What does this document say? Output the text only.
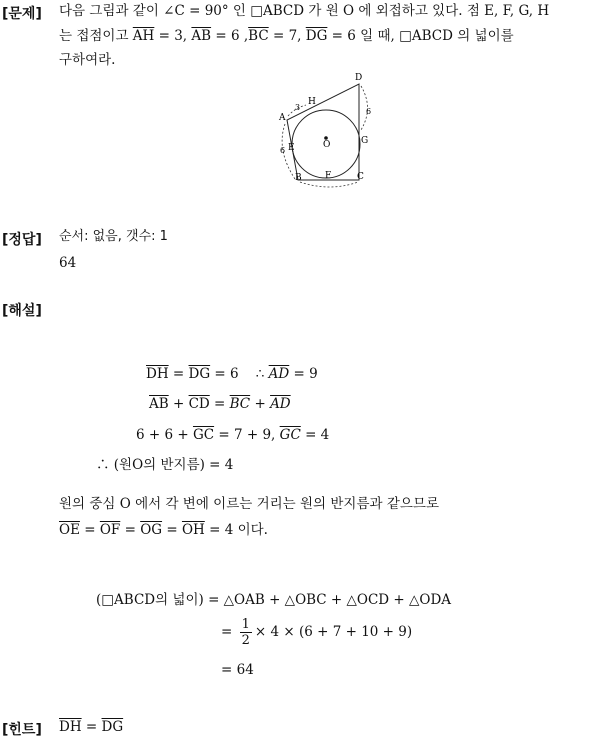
[문제] 다음 그림과 같이 ∠C = 90° 인 □ABCD 가 원 O 에 외접하고 있다. 점 E, F, G, H
는 접점이고 $\overline{AH} = 3$, $\overline{AB} = 6$ $,\overline{BC} = 7$, $\overline{DG} = 6$ 일 때, □ABCD 의 넓이를
구하여라.
D
H
3
A
6
O	G
E
6
B	F	C
[정답] 순서: 없음, 갯수: 1
64
[해설]
$\overline{DH} = \overline{DG} = 6$ ∴ $\overline{AD} = 9$
$\overline{AB} + \overline{CD} = \overline{BC} + \overline{AD}$
$6 + 6 + \overline{GC} = 7 + 9$, $\overline{GC} = 4$
∴ (원O의 반지름) = 4
원의 중심 O 에서 각 변에 이르는 거리는 원의 반지름과 같으므로
$\overline{OE} = \overline{OF} = \overline{OG} = \overline{OH} = 4$ 이다.
(□ABCD의 넓이) = △OAB + △OBC + △OCD + △ODA
= $\frac{1}{2} \times 4 \times (6 + 7 + 10 + 9)$
= 64
[힌트] $\overline{DH} = \overline{DG}$
